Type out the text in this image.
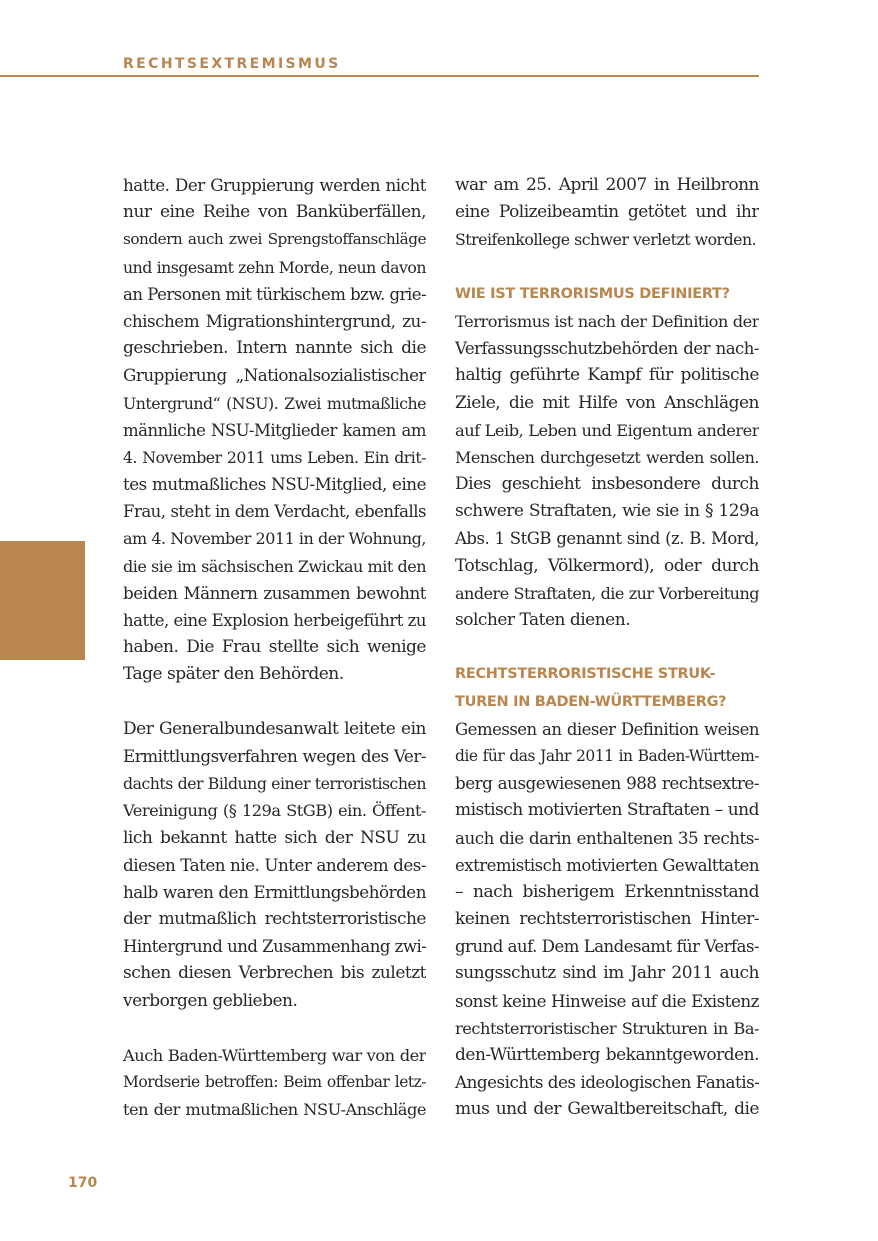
RECHTSEXTREMISMUS
hatte. Der Gruppierung werden nicht
nur eine Reihe von Banküberfällen,
sondern auch zwei Sprengstoffanschläge
und insgesamt zehn Morde, neun davon
an Personen mit türkischem bzw. grie-
chischem Migrationshintergrund, zu-
geschrieben. Intern nannte sich die
Gruppierung „Nationalsozialistischer
Untergrund“ (NSU). Zwei mutmaßliche
männliche NSU-Mitglieder kamen am
4. November 2011 ums Leben. Ein drit-
tes mutmaßliches NSU-Mitglied, eine
Frau, steht in dem Verdacht, ebenfalls
am 4. November 2011 in der Wohnung,
die sie im sächsischen Zwickau mit den
beiden Männern zusammen bewohnt
hatte, eine Explosion herbeigeführt zu
haben. Die Frau stellte sich wenige
Tage später den Behörden.
Der Generalbundesanwalt leitete ein
Ermittlungsverfahren wegen des Ver-
dachts der Bildung einer terroristischen
Vereinigung (§ 129a StGB) ein. Öffent-
lich bekannt hatte sich der NSU zu
diesen Taten nie. Unter anderem des-
halb waren den Ermittlungsbehörden
der mutmaßlich rechtsterroristische
Hintergrund und Zusammenhang zwi-
schen diesen Verbrechen bis zuletzt
verborgen geblieben.
Auch Baden-Württemberg war von der
Mordserie betroffen: Beim offenbar letz-
ten der mutmaßlichen NSU-Anschläge
war am 25. April 2007 in Heilbronn
eine Polizeibeamtin getötet und ihr
Streifenkollege schwer verletzt worden.
WIE IST TERRORISMUS DEFINIERT?
Terrorismus ist nach der Definition der
Verfassungsschutzbehörden der nach-
haltig geführte Kampf für politische
Ziele, die mit Hilfe von Anschlägen
auf Leib, Leben und Eigentum anderer
Menschen durchgesetzt werden sollen.
Dies geschieht insbesondere durch
schwere Straftaten, wie sie in § 129a
Abs. 1 StGB genannt sind (z. B. Mord,
Totschlag, Völkermord), oder durch
andere Straftaten, die zur Vorbereitung
solcher Taten dienen.
RECHTSTERRORISTISCHE STRUK-
TUREN IN BADEN-WÜRTTEMBERG?
Gemessen an dieser Definition weisen
die für das Jahr 2011 in Baden-Württem-
berg ausgewiesenen 988 rechtsextre-
mistisch motivierten Straftaten – und
auch die darin enthaltenen 35 rechts-
extremistisch motivierten Gewalttaten
– nach bisherigem Erkenntnisstand
keinen rechtsterroristischen Hinter-
grund auf. Dem Landesamt für Verfas-
sungsschutz sind im Jahr 2011 auch
sonst keine Hinweise auf die Existenz
rechtsterroristischer Strukturen in Ba-
den-Württemberg bekanntgeworden.
Angesichts des ideologischen Fanatis-
mus und der Gewaltbereitschaft, die
170
